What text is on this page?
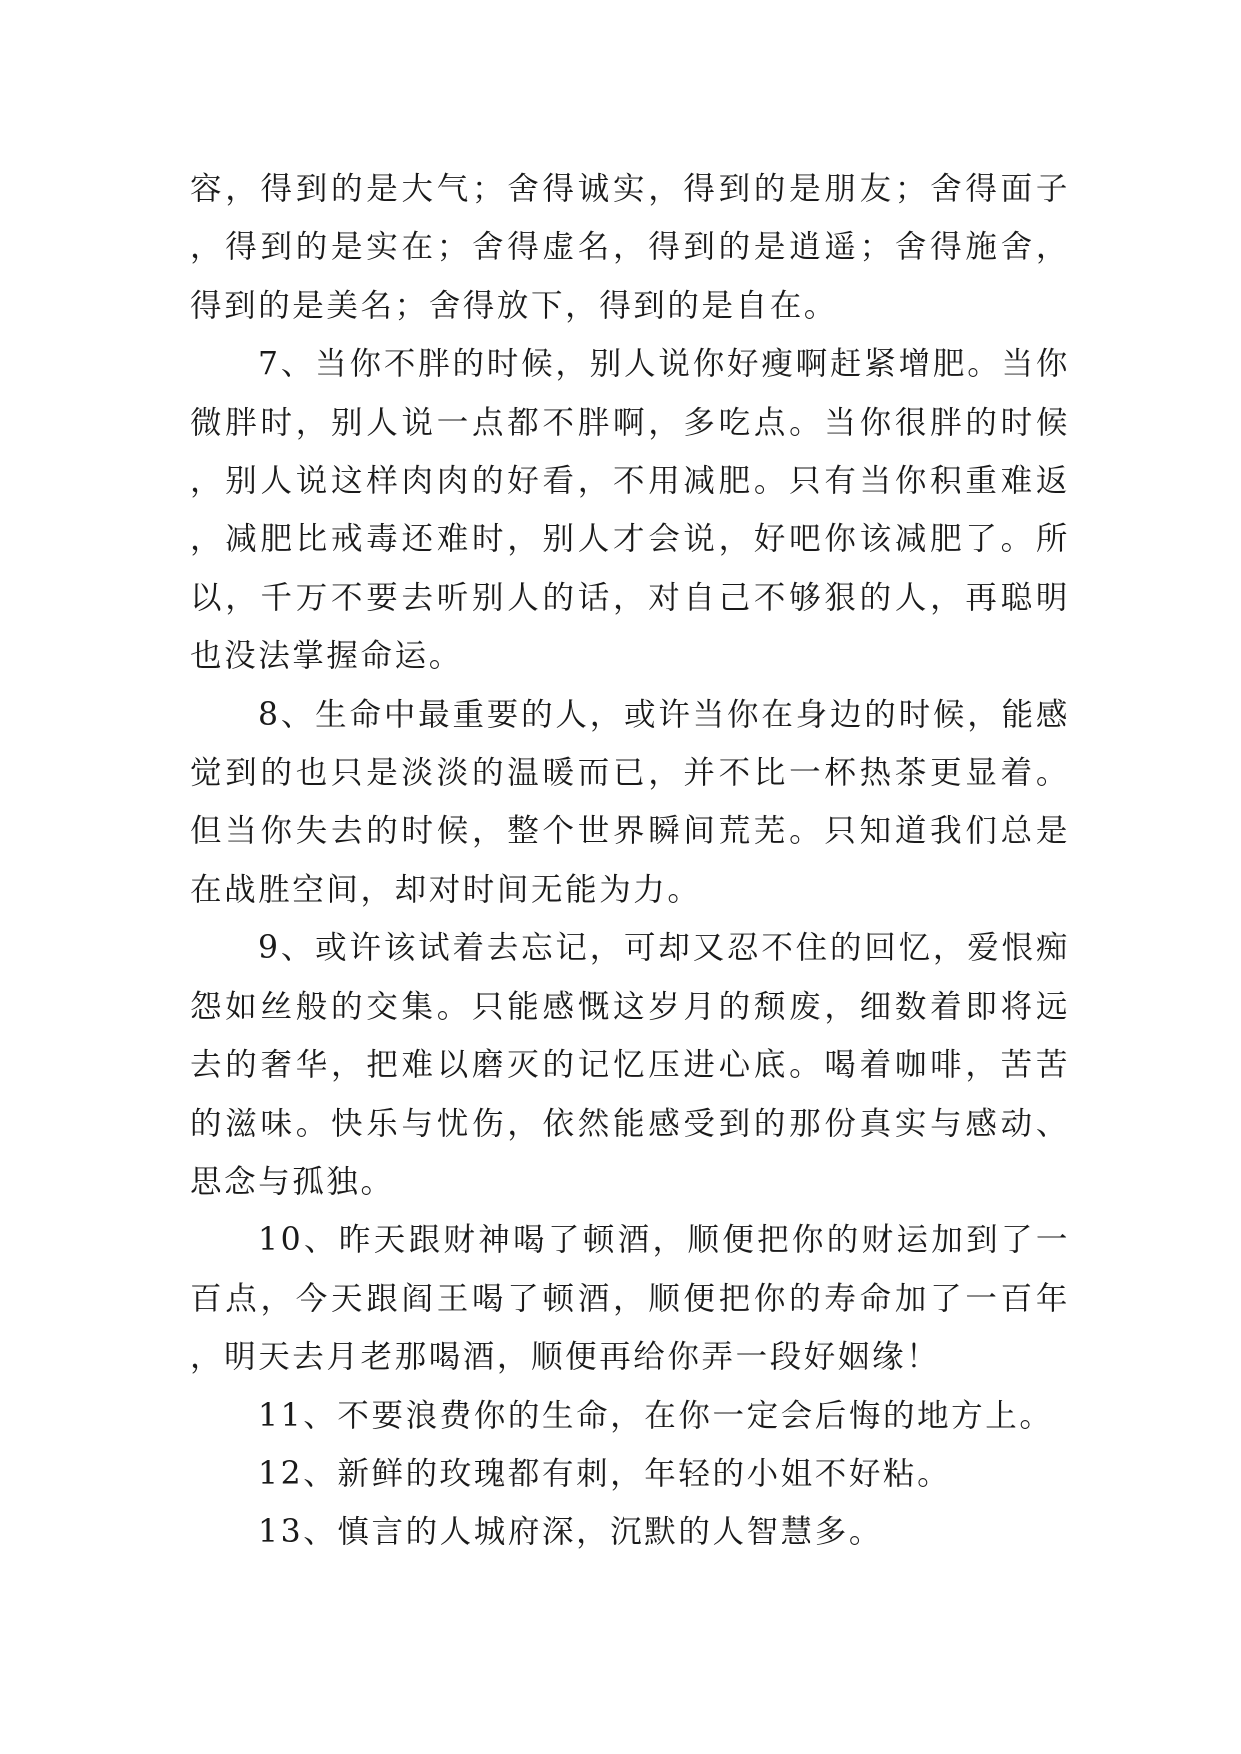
容，得到的是大气；舍得诚实，得到的是朋友；舍得面子，得到的是实在；舍得虚名，得到的是逍遥；舍得施舍，得到的是美名；舍得放下，得到的是自在。

7、当你不胖的时候，别人说你好瘦啊赶紧增肥。当你微胖时，别人说一点都不胖啊，多吃点。当你很胖的时候，别人说这样肉肉的好看，不用减肥。只有当你积重难返，减肥比戒毒还难时，别人才会说，好吧你该减肥了。所以，千万不要去听别人的话，对自己不够狠的人，再聪明也没法掌握命运。

8、生命中最重要的人，或许当你在身边的时候，能感觉到的也只是淡淡的温暖而已，并不比一杯热茶更显着。但当你失去的时候，整个世界瞬间荒芜。只知道我们总是在战胜空间，却对时间无能为力。

9、或许该试着去忘记，可却又忍不住的回忆，爱恨痴怨如丝般的交集。只能感慨这岁月的颓废，细数着即将远去的奢华，把难以磨灭的记忆压进心底。喝着咖啡，苦苦的滋味。快乐与忧伤，依然能感受到的那份真实与感动、思念与孤独。

10、昨天跟财神喝了顿酒，顺便把你的财运加到了一百点，今天跟阎王喝了顿酒，顺便把你的寿命加了一百年，明天去月老那喝酒，顺便再给你弄一段好姻缘！

11、不要浪费你的生命，在你一定会后悔的地方上。

12、新鲜的玫瑰都有刺，年轻的小姐不好粘。

13、慎言的人城府深，沉默的人智慧多。
